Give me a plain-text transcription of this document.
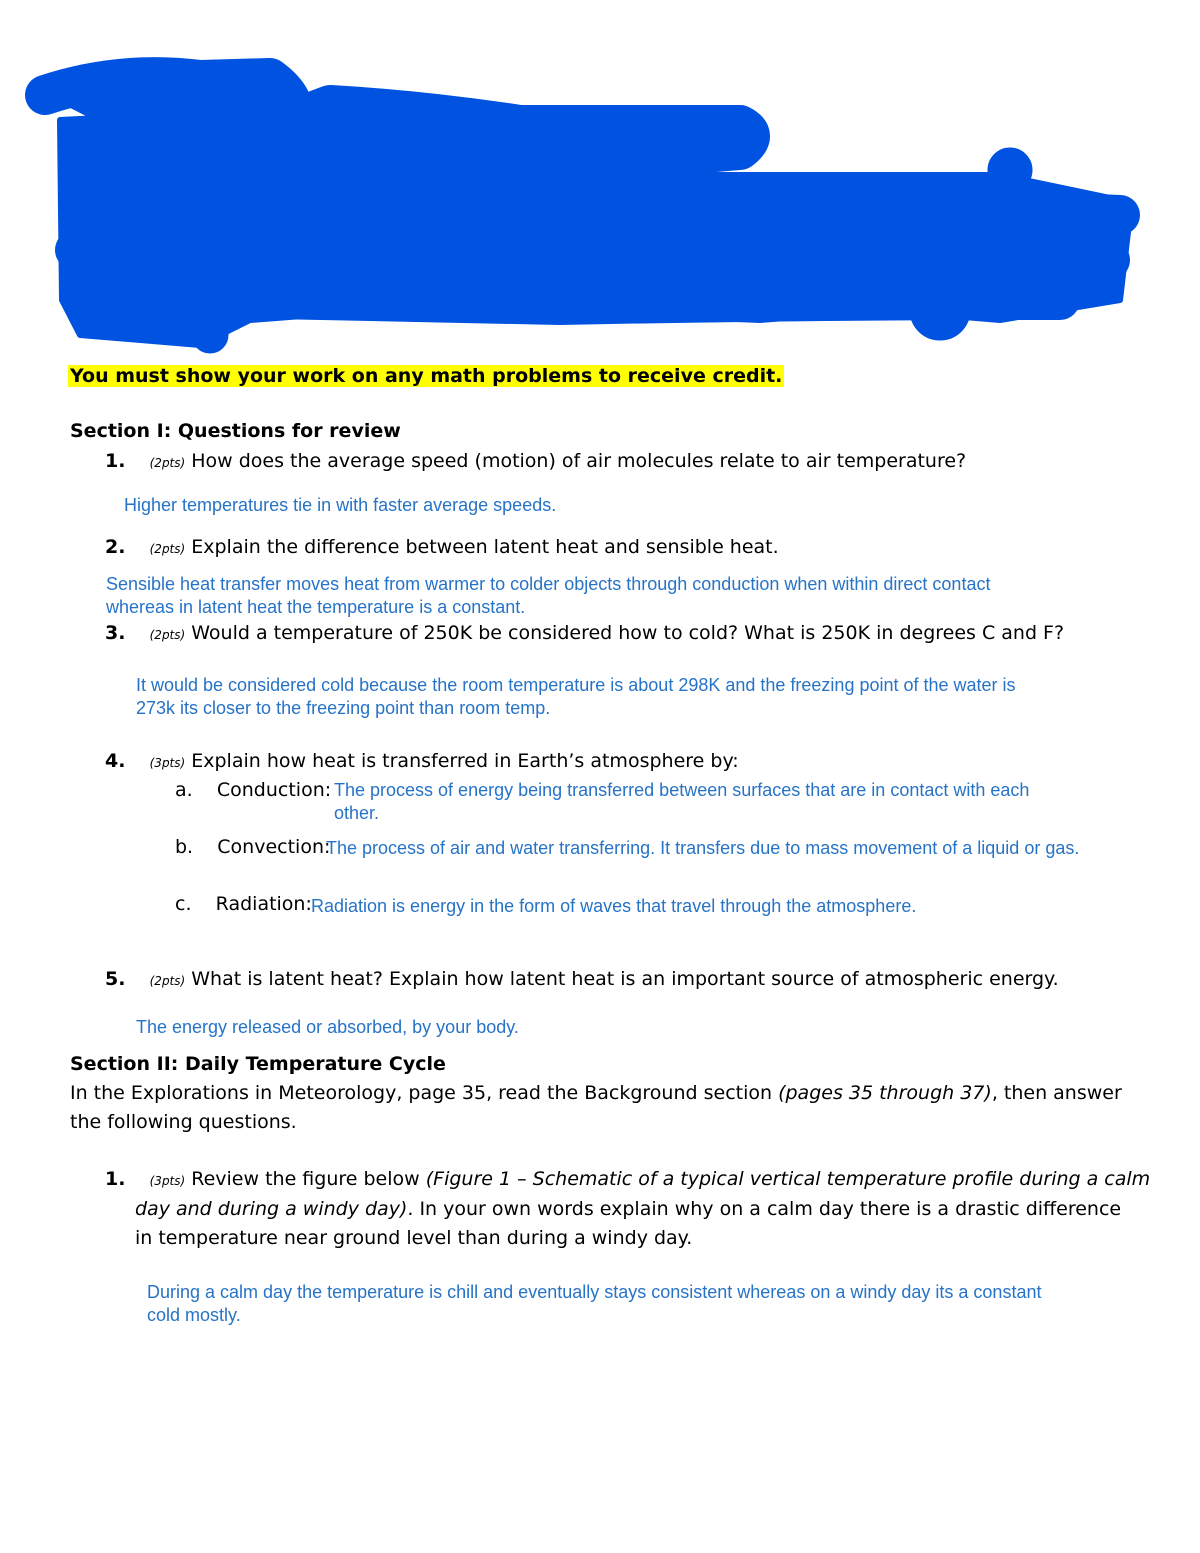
You must show your work on any math problems to receive credit.
Section I: Questions for review
1. (2pts) How does the average speed (motion) of air molecules relate to air temperature?
Higher temperatures tie in with faster average speeds.
2. (2pts) Explain the difference between latent heat and sensible heat.
Sensible heat transfer moves heat from warmer to colder objects through conduction when within direct contact
whereas in latent heat the temperature is a constant.
3. (2pts) Would a temperature of 250K be considered how to cold? What is 250K in degrees C and F?
It would be considered cold because the room temperature is about 298K and the freezing point of the water is
273k its closer to the freezing point than room temp.
4. (3pts) Explain how heat is transferred in Earth’s atmosphere by:
a. Conduction: The process of energy being transferred between surfaces that are in contact with each
other.
b. Convection:
The process of air and water transferring. It transfers due to mass movement of a liquid or gas.
c. Radiation: Radiation is energy in the form of waves that travel through the atmosphere.
5. (2pts) What is latent heat? Explain how latent heat is an important source of atmospheric energy.
The energy released or absorbed, by your body.
Section II: Daily Temperature Cycle
In the Explorations in Meteorology, page 35, read the Background section (pages 35 through 37), then answer
the following questions.
1. (3pts) Review the figure below (Figure 1 – Schematic of a typical vertical temperature profile during a calm
day and during a windy day). In your own words explain why on a calm day there is a drastic difference
in temperature near ground level than during a windy day.
During a calm day the temperature is chill and eventually stays consistent whereas on a windy day its a constant
cold mostly.
